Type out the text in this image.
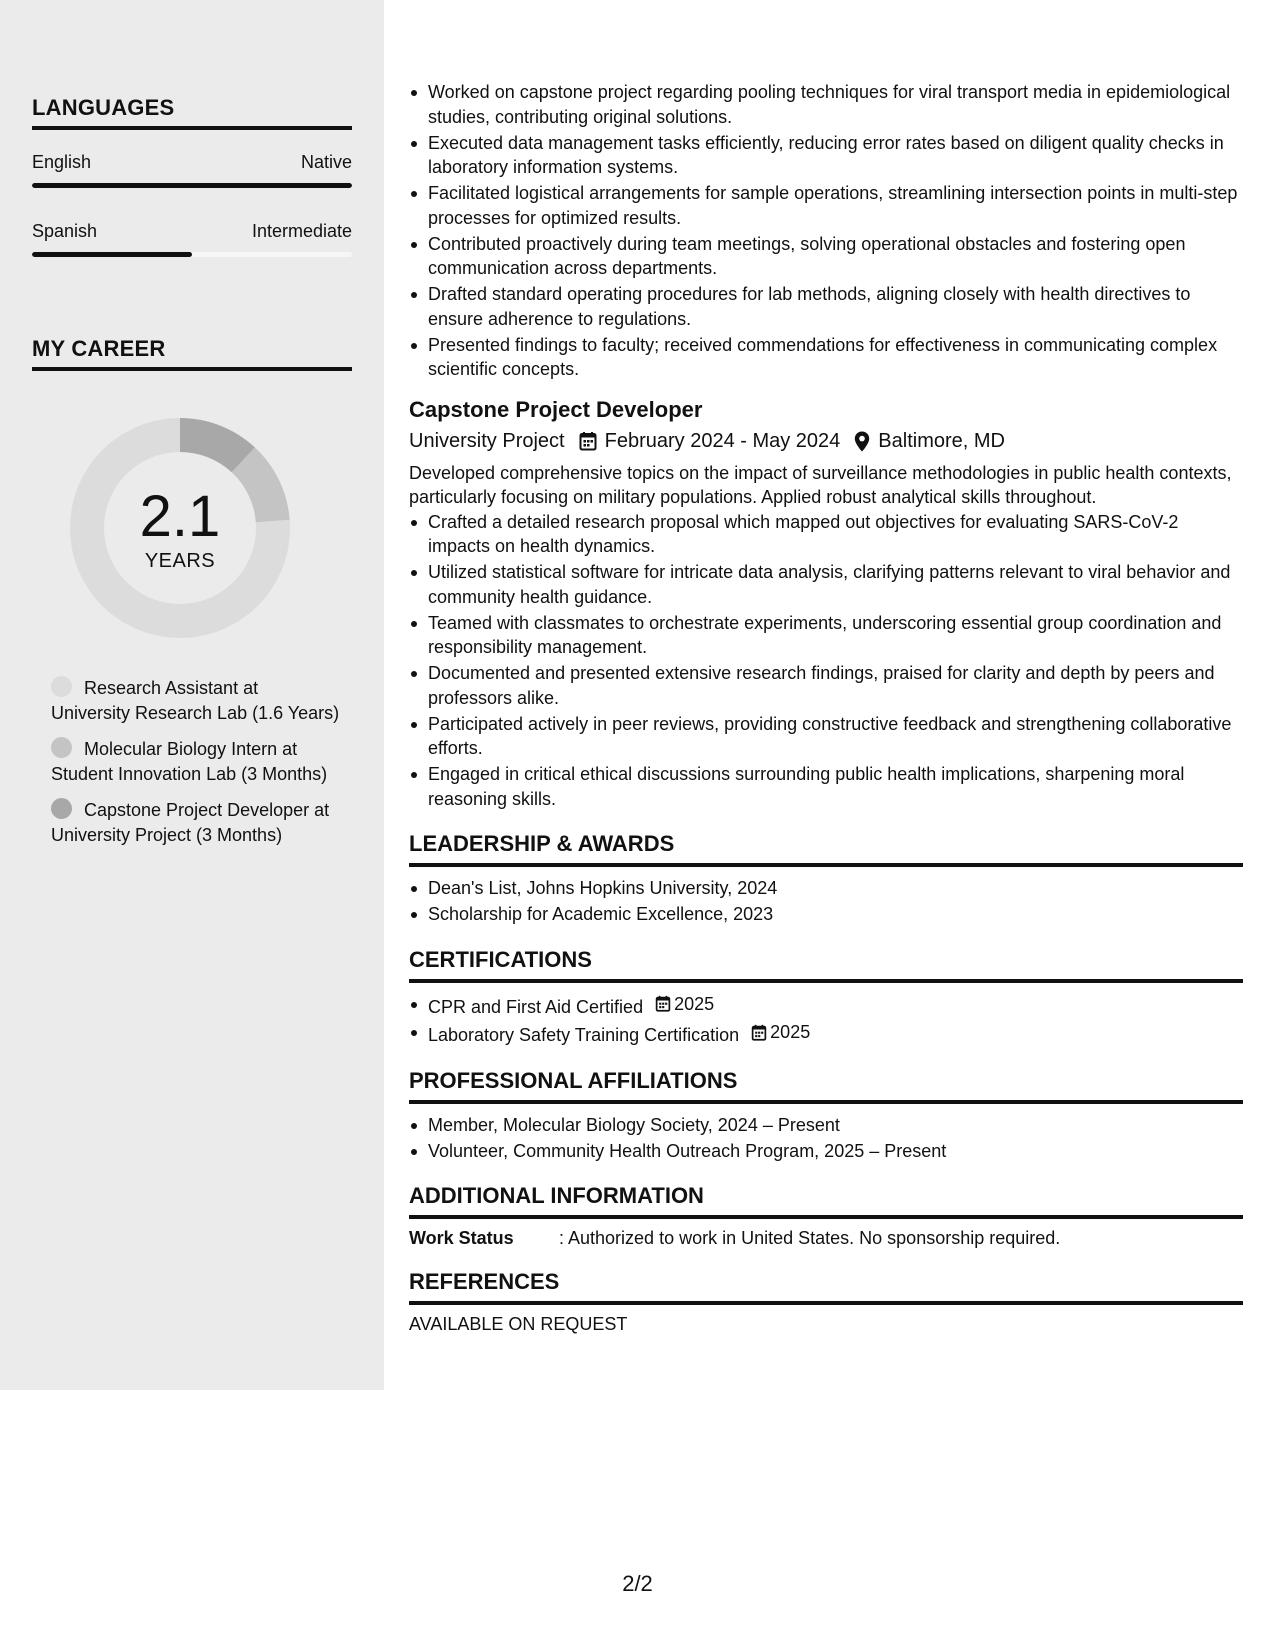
LANGUAGES
English	Native
Spanish	Intermediate
MY CAREER
2.1
YEARS
Research Assistant at University Research Lab (1.6 Years)
Molecular Biology Intern at Student Innovation Lab (3 Months)
Capstone Project Developer at University Project (3 Months)
Worked on capstone project regarding pooling techniques for viral transport media in epidemiological studies, contributing original solutions.
Executed data management tasks efficiently, reducing error rates based on diligent quality checks in laboratory information systems.
Facilitated logistical arrangements for sample operations, streamlining intersection points in multi-step processes for optimized results.
Contributed proactively during team meetings, solving operational obstacles and fostering open communication across departments.
Drafted standard operating procedures for lab methods, aligning closely with health directives to ensure adherence to regulations.
Presented findings to faculty; received commendations for effectiveness in communicating complex scientific concepts.
Capstone Project Developer
University Project February 2024 - May 2024 Baltimore, MD
Developed comprehensive topics on the impact of surveillance methodologies in public health contexts, particularly focusing on military populations. Applied robust analytical skills throughout.
Crafted a detailed research proposal which mapped out objectives for evaluating SARS-CoV-2 impacts on health dynamics.
Utilized statistical software for intricate data analysis, clarifying patterns relevant to viral behavior and community health guidance.
Teamed with classmates to orchestrate experiments, underscoring essential group coordination and responsibility management.
Documented and presented extensive research findings, praised for clarity and depth by peers and professors alike.
Participated actively in peer reviews, providing constructive feedback and strengthening collaborative efforts.
Engaged in critical ethical discussions surrounding public health implications, sharpening moral reasoning skills.
LEADERSHIP & AWARDS
Dean's List, Johns Hopkins University, 2024
Scholarship for Academic Excellence, 2023
CERTIFICATIONS
CPR and First Aid Certified 2025
Laboratory Safety Training Certification 2025
PROFESSIONAL AFFILIATIONS
Member, Molecular Biology Society, 2024 – Present
Volunteer, Community Health Outreach Program, 2025 – Present
ADDITIONAL INFORMATION
Work Status	: Authorized to work in United States. No sponsorship required.
REFERENCES
AVAILABLE ON REQUEST
2/2
